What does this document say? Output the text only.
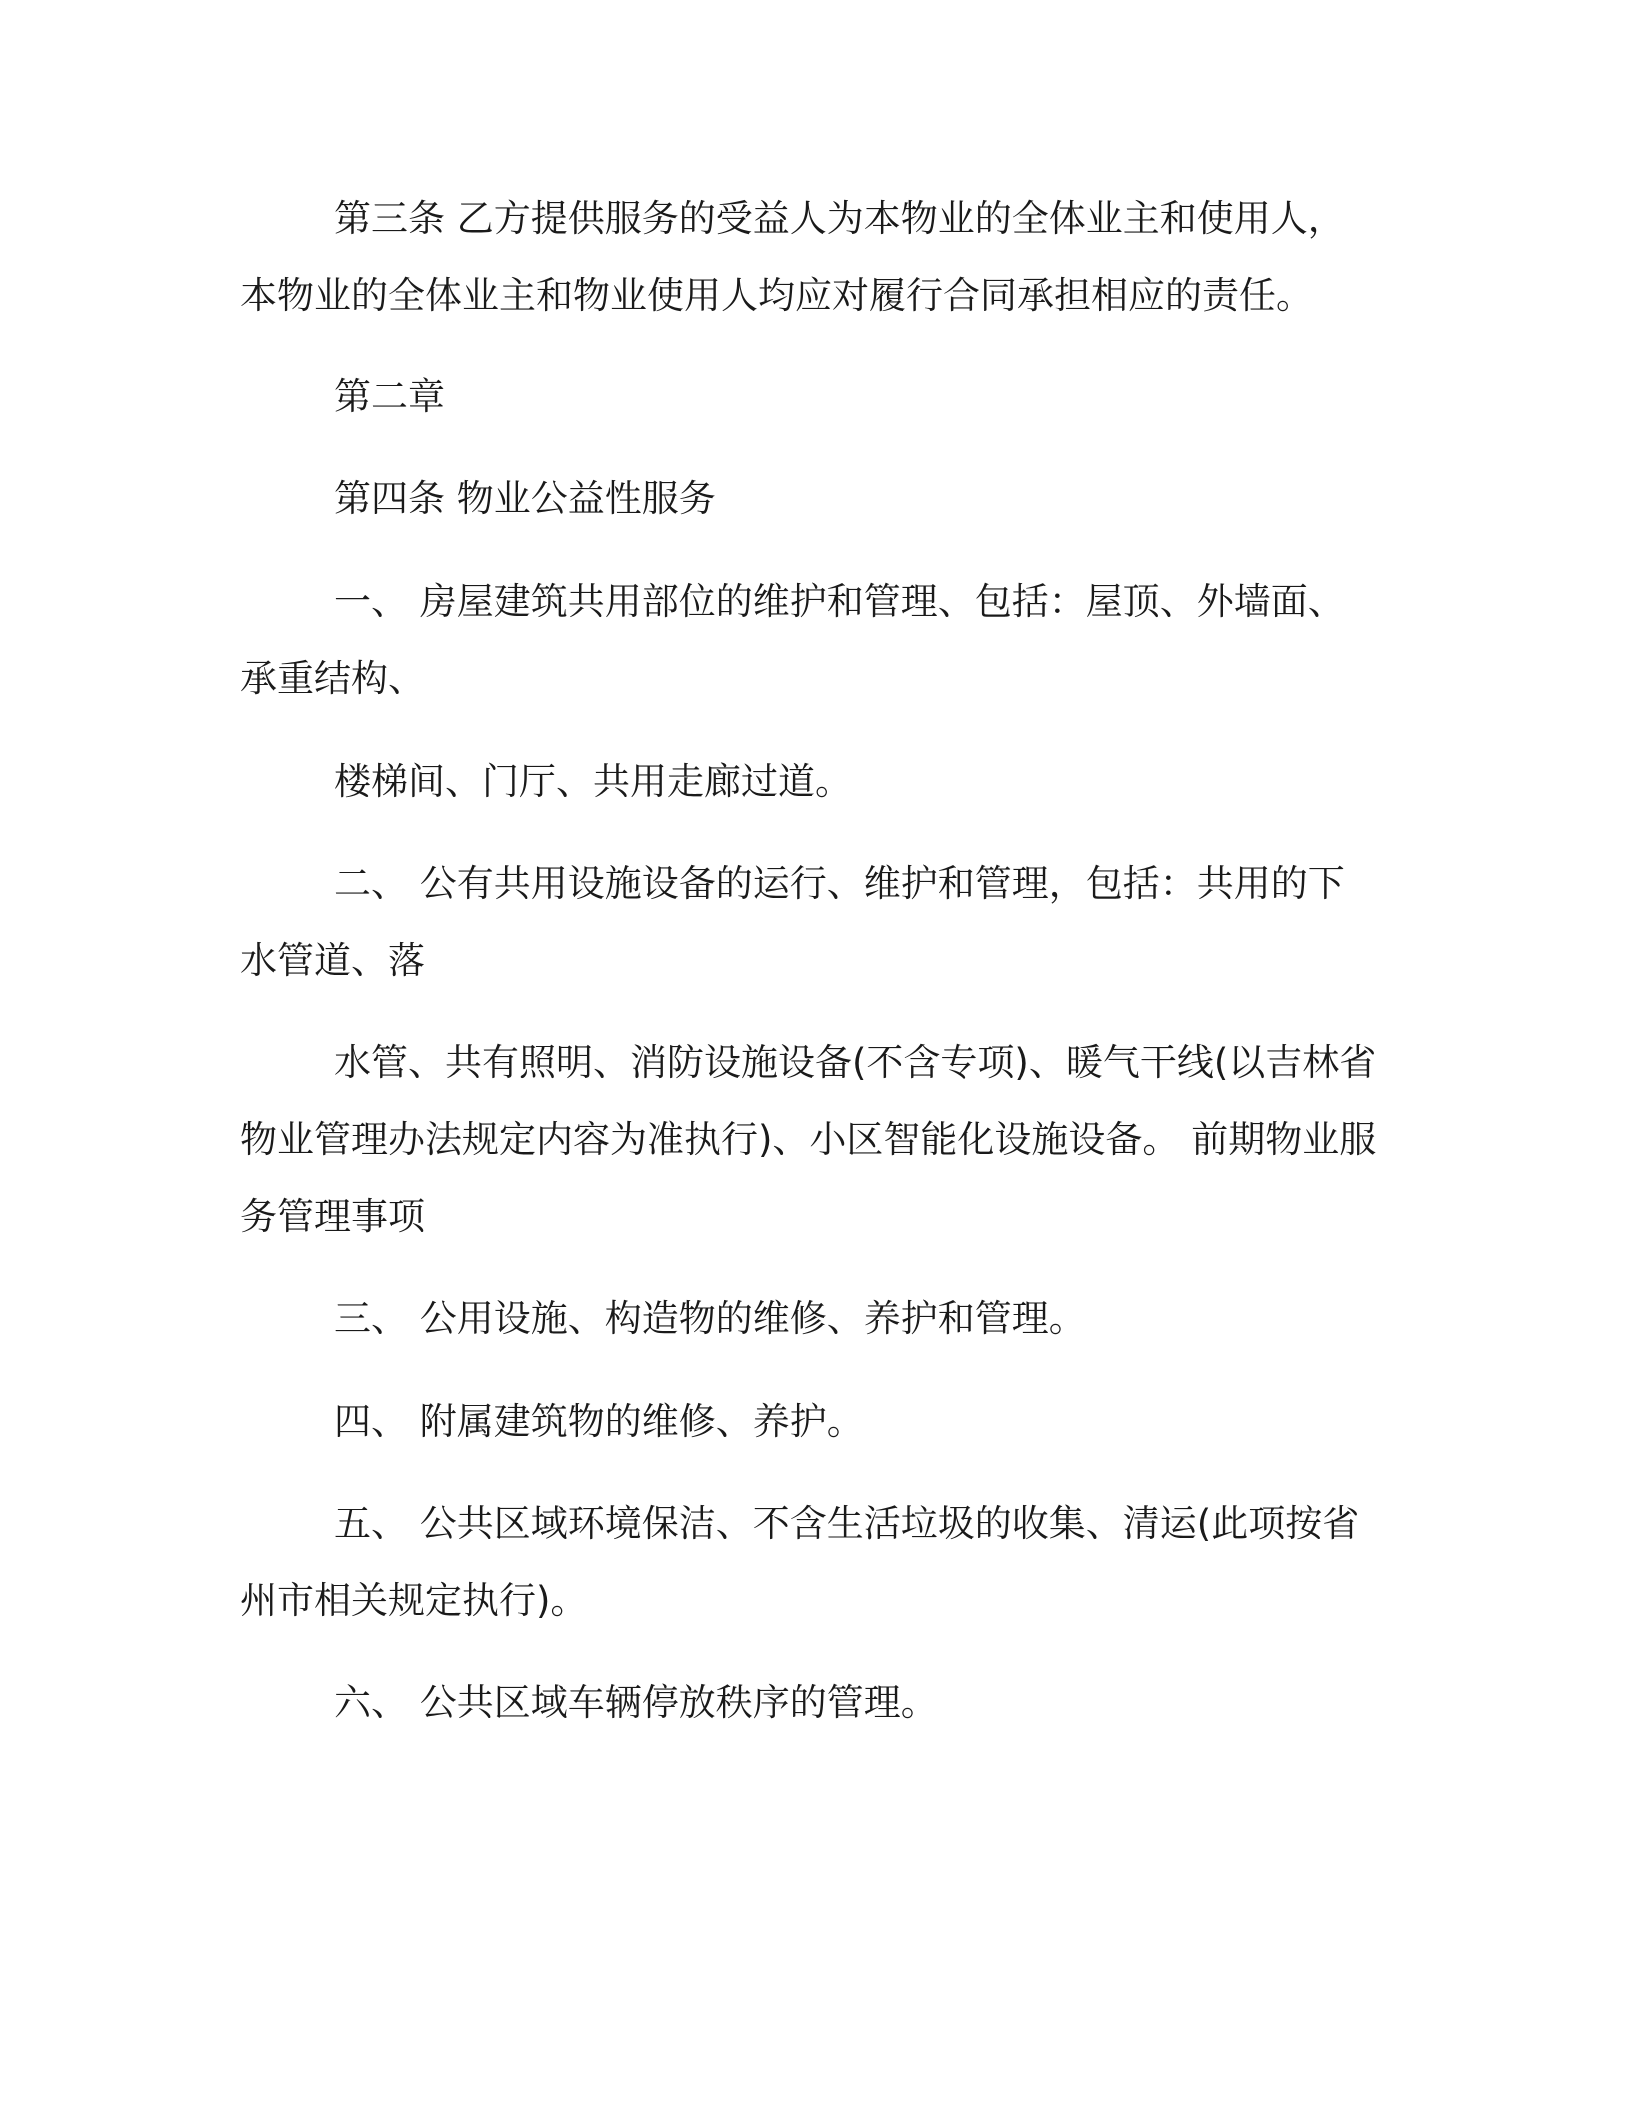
第三条 乙方提供服务的受益人为本物业的全体业主和使用人，本物业的全体业主和物业使用人均应对履行合同承担相应的责任。

第二章

第四条 物业公益性服务

一、 房屋建筑共用部位的维护和管理、包括：屋顶、外墙面、承重结构、

楼梯间、门厅、共用走廊过道。

二、 公有共用设施设备的运行、维护和管理，包括：共用的下水管道、落

水管、共有照明、消防设施设备(不含专项)、暖气干线(以吉林省物业管理办法规定内容为准执行)、小区智能化设施设备。 前期物业服务管理事项

三、 公用设施、构造物的维修、养护和管理。

四、 附属建筑物的维修、养护。

五、 公共区域环境保洁、不含生活垃圾的收集、清运(此项按省州市相关规定执行)。

六、 公共区域车辆停放秩序的管理。
